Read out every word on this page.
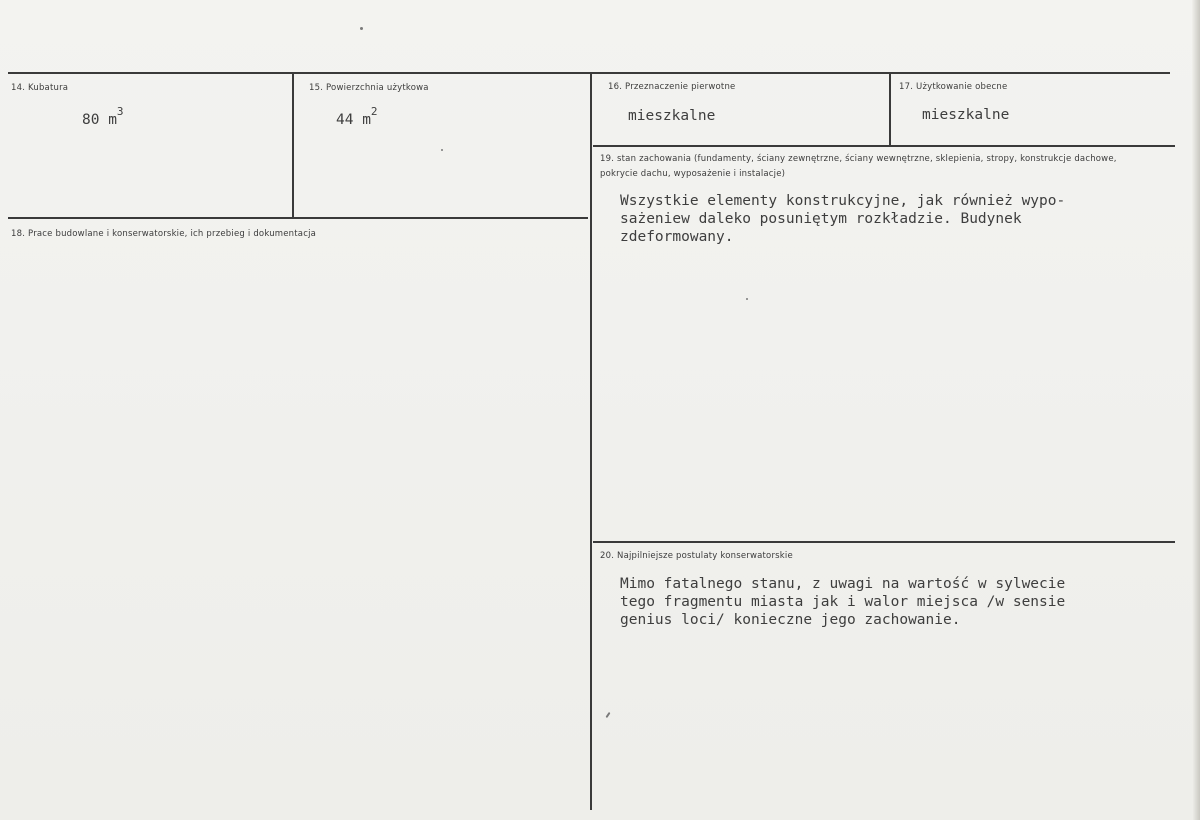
14. Kubatura
80 $m^3$
15. Powierzchnia użytkowa
44 $m^2$
16. Przeznaczenie pierwotne
mieszkalne
17. Użytkowanie obecne
mieszkalne
18. Prace budowlane i konserwatorskie, ich przebieg i dokumentacja
19. stan zachowania (fundamenty, ściany zewnętrzne, ściany wewnętrzne, sklepienia, stropy, konstrukcje dachowe, pokrycie dachu, wyposażenie i instalacje)
Wszystkie elementy konstrukcyjne, jak również wypo-
sażeniew daleko posuniętym rozkładzie. Budynek
zdeformowany.
20. Najpilniejsze postulaty konserwatorskie
Mimo fatalnego stanu, z uwagi na wartość w sylwecie
tego fragmentu miasta jak i walor miejsca /w sensie
genius loci/ konieczne jego zachowanie.
